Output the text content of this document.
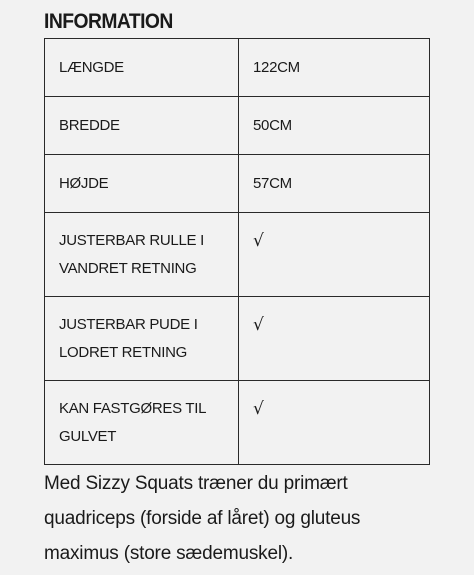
INFORMATION
LÆNGDE	122CM
BREDDE	50CM
HØJDE	57CM

JUSTERBAR RULLE I
VANDRET RETNING	√

JUSTERBAR PUDE I
LODRET RETNING	√

KAN FASTGØRES TIL
GULVET	√

Med Sizzy Squats træner du primært
quadriceps (forside af låret) og gluteus
maximus (store sædemuskel).
